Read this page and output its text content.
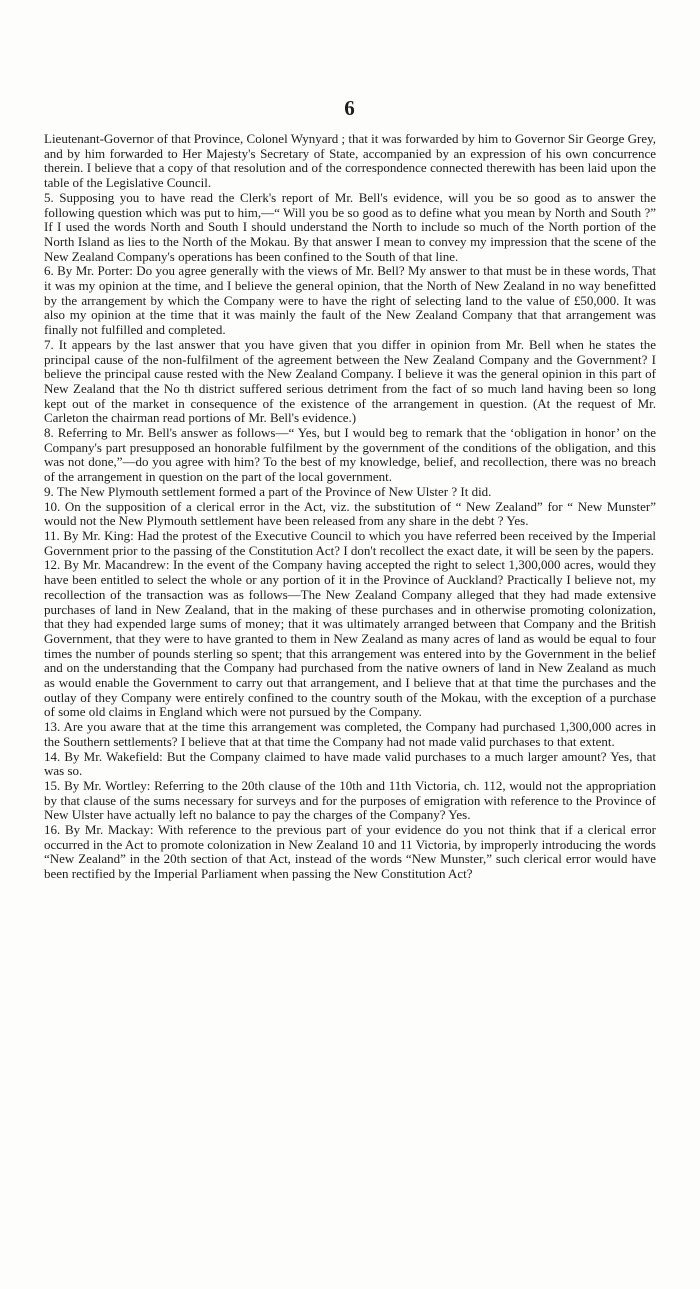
6

Lieutenant-Governor of that Province, Colonel Wynyard ; that it was forwarded by him to Governor Sir George Grey, and by him forwarded to Her Majesty's Secretary of State, accompanied by an expression of his own concurrence therein. I believe that a copy of that resolution and of the correspondence connected therewith has been laid upon the table of the Legislative Council.

5. Supposing you to have read the Clerk's report of Mr. Bell's evidence, will you be so good as to answer the following question which was put to him,—“ Will you be so good as to define what you mean by North and South ?” If I used the words North and South I should understand the North to include so much of the North portion of the North Island as lies to the North of the Mokau. By that answer I mean to convey my impression that the scene of the New Zealand Company's operations has been confined to the South of that line.

6. By Mr. Porter: Do you agree generally with the views of Mr. Bell? My answer to that must be in these words, That it was my opinion at the time, and I believe the general opinion, that the North of New Zealand in no way benefitted by the arrangement by which the Company were to have the right of selecting land to the value of £50,000. It was also my opinion at the time that it was mainly the fault of the New Zealand Company that that arrangement was finally not fulfilled and completed.

7. It appears by the last answer that you have given that you differ in opinion from Mr. Bell when he states the principal cause of the non-fulfilment of the agreement between the New Zealand Company and the Government? I believe the principal cause rested with the New Zealand Company. I believe it was the general opinion in this part of New Zealand that the No th district suffered serious detriment from the fact of so much land having been so long kept out of the market in consequence of the existence of the arrangement in question. (At the request of Mr. Carleton the chairman read portions of Mr. Bell's evidence.)

8. Referring to Mr. Bell's answer as follows—“ Yes, but I would beg to remark that the ‘obligation in honor’ on the Company's part presupposed an honorable fulfilment by the government of the conditions of the obligation, and this was not done,”—do you agree with him? To the best of my knowledge, belief, and recollection, there was no breach of the arrangement in question on the part of the local government.

9. The New Plymouth settlement formed a part of the Province of New Ulster ? It did.

10. On the supposition of a clerical error in the Act, viz. the substitution of “ New Zealand” for “ New Munster” would not the New Plymouth settlement have been released from any share in the debt ? Yes.

11. By Mr. King: Had the protest of the Executive Council to which you have referred been received by the Imperial Government prior to the passing of the Constitution Act? I don't recollect the exact date, it will be seen by the papers.

12. By Mr. Macandrew: In the event of the Company having accepted the right to select 1,300,000 acres, would they have been entitled to select the whole or any portion of it in the Province of Auckland? Practically I believe not, my recollection of the transaction was as follows—The New Zealand Company alleged that they had made extensive purchases of land in New Zealand, that in the making of these purchases and in otherwise promoting colonization, that they had expended large sums of money; that it was ultimately arranged between that Company and the British Government, that they were to have granted to them in New Zealand as many acres of land as would be equal to four times the number of pounds sterling so spent; that this arrangement was entered into by the Government in the belief and on the understanding that the Company had purchased from the native owners of land in New Zealand as much as would enable the Government to carry out that arrangement, and I believe that at that time the purchases and the outlay of they Company were entirely confined to the country south of the Mokau, with the exception of a purchase of some old claims in England which were not pursued by the Company.

13. Are you aware that at the time this arrangement was completed, the Company had purchased 1,300,000 acres in the Southern settlements? I believe that at that time the Company had not made valid purchases to that extent.

14. By Mr. Wakefield: But the Company claimed to have made valid purchases to a much larger amount? Yes, that was so.

15. By Mr. Wortley: Referring to the 20th clause of the 10th and 11th Victoria, ch. 112, would not the appropriation by that clause of the sums necessary for surveys and for the purposes of emigration with reference to the Province of New Ulster have actually left no balance to pay the charges of the Company? Yes.

16. By Mr. Mackay: With reference to the previous part of your evidence do you not think that if a clerical error occurred in the Act to promote colonization in New Zealand 10 and 11 Victoria, by improperly introducing the words “New Zealand” in the 20th section of that Act, instead of the words “New Munster,” such clerical error would have been rectified by the Imperial Parliament when passing the New Constitution Act?
